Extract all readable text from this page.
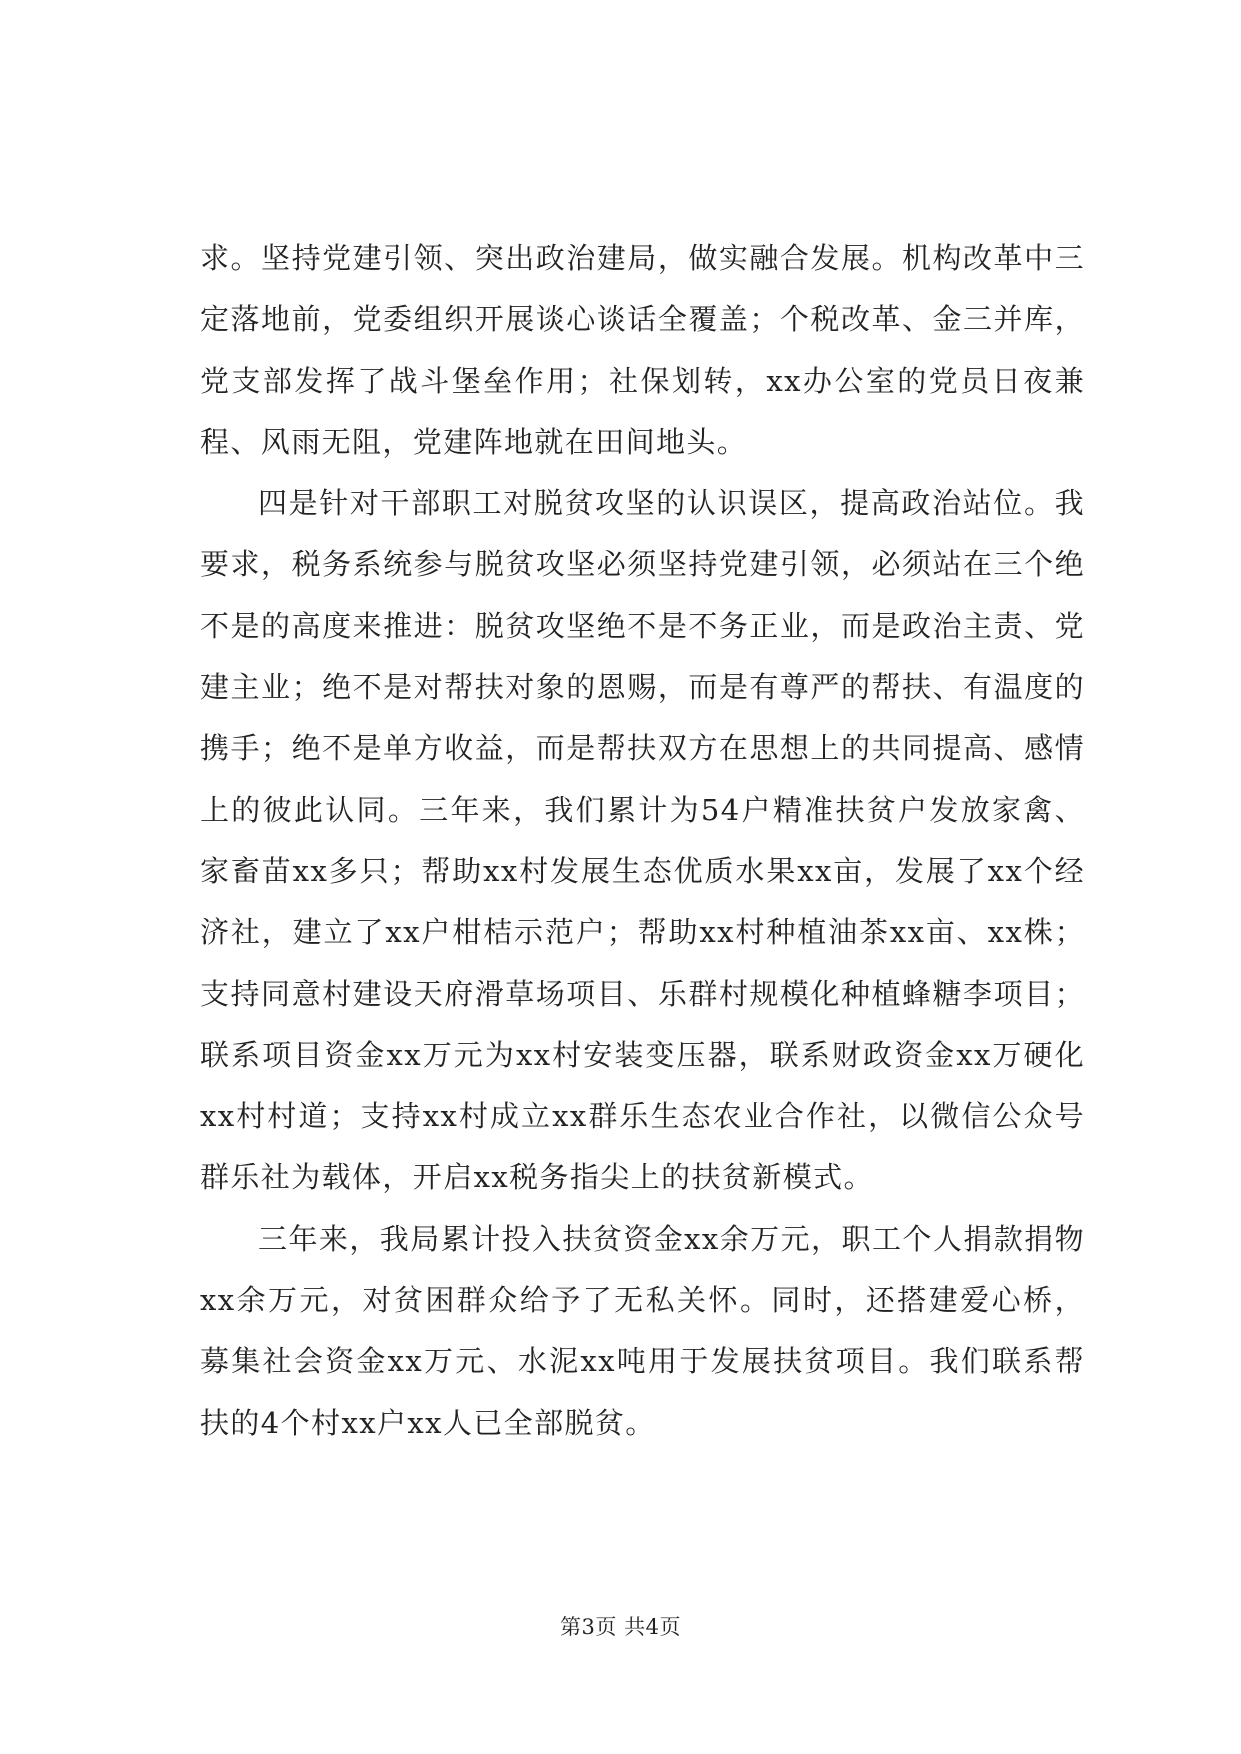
求。坚持党建引领、突出政治建局，做实融合发展。机构改革中三定落地前，党委组织开展谈心谈话全覆盖；个税改革、金三并库，党支部发挥了战斗堡垒作用；社保划转，xx办公室的党员日夜兼程、风雨无阻，党建阵地就在田间地头。

四是针对干部职工对脱贫攻坚的认识误区，提高政治站位。我要求，税务系统参与脱贫攻坚必须坚持党建引领，必须站在三个绝不是的高度来推进：脱贫攻坚绝不是不务正业，而是政治主责、党建主业；绝不是对帮扶对象的恩赐，而是有尊严的帮扶、有温度的携手；绝不是单方收益，而是帮扶双方在思想上的共同提高、感情上的彼此认同。三年来，我们累计为54户精准扶贫户发放家禽、家畜苗xx多只；帮助xx村发展生态优质水果xx亩，发展了xx个经济社，建立了xx户柑桔示范户；帮助xx村种植油茶xx亩、xx株；支持同意村建设天府滑草场项目、乐群村规模化种植蜂糖李项目；联系项目资金xx万元为xx村安装变压器，联系财政资金xx万硬化xx村村道；支持xx村成立xx群乐生态农业合作社，以微信公众号群乐社为载体，开启xx税务指尖上的扶贫新模式。

三年来，我局累计投入扶贫资金xx余万元，职工个人捐款捐物xx余万元，对贫困群众给予了无私关怀。同时，还搭建爱心桥，募集社会资金xx万元、水泥xx吨用于发展扶贫项目。我们联系帮扶的4个村xx户xx人已全部脱贫。

第3页 共4页
